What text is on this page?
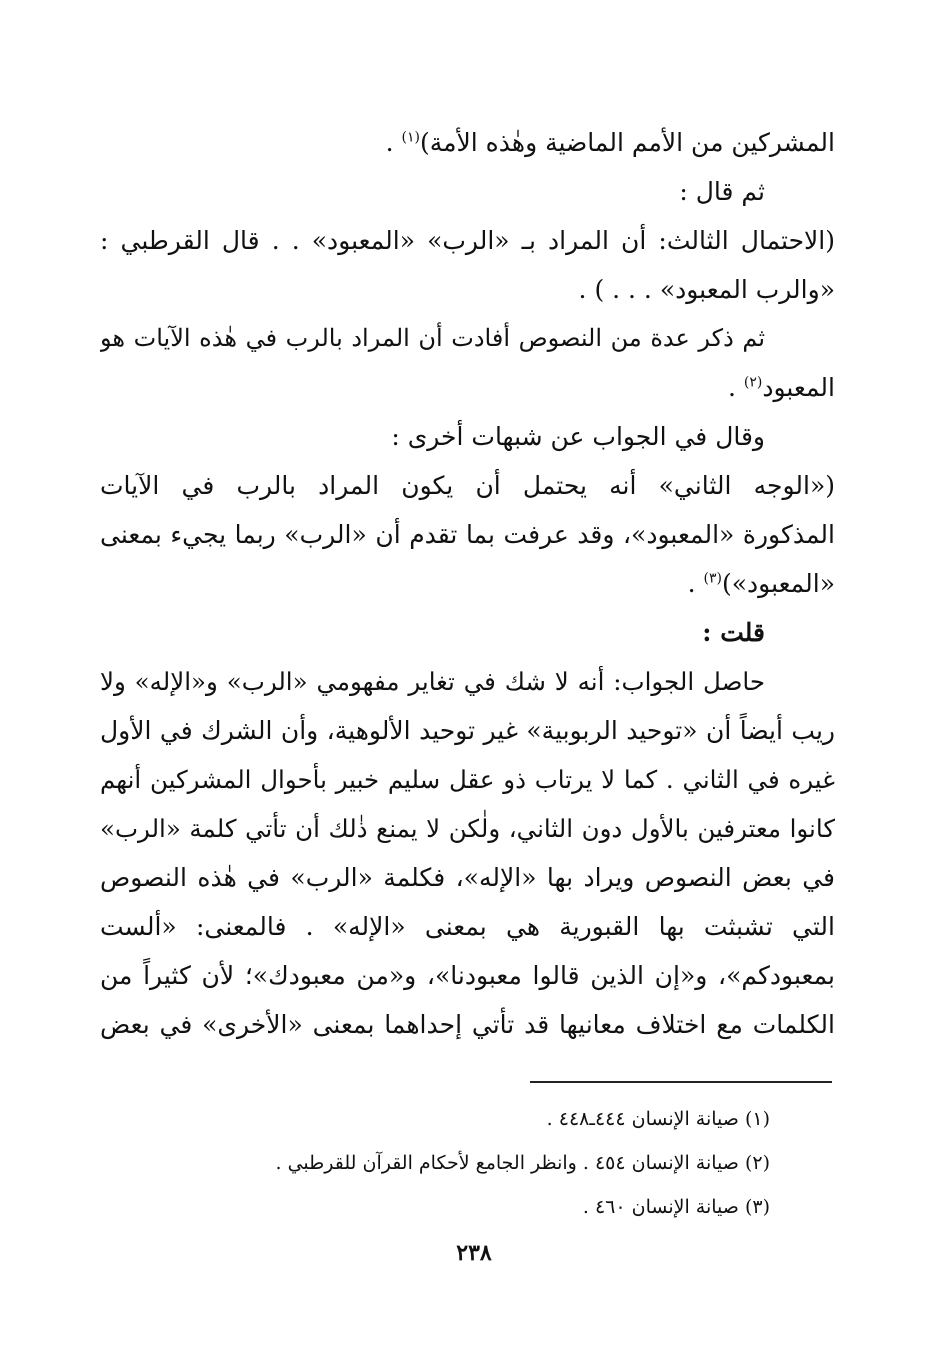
المشركين من الأمم الماضية وهٰذه الأمة)$^{(١)}$ .
ثم قال :
(الاحتمال الثالث: أن المراد بـ «الرب» «المعبود» . . قال القرطبي :
«والرب المعبود» . . . ) .
ثم ذكر عدة من النصوص أفادت أن المراد بالرب في هٰذه الآيات هو
المعبود$^{(٢)}$ .
وقال في الجواب عن شبهات أخرى :
(«الوجه الثاني» أنه يحتمل أن يكون المراد بالرب في الآيات
المذكورة «المعبود»، وقد عرفت بما تقدم أن «الرب» ربما يجيء بمعنى
«المعبود»)$^{(٣)}$ .
قلت :
حاصل الجواب: أنه لا شك في تغاير مفهومي «الرب» و«الإله» ولا
ريب أيضاً أن «توحيد الربوبية» غير توحيد الألوهية، وأن الشرك في الأول
غيره في الثاني . كما لا يرتاب ذو عقل سليم خبير بأحوال المشركين أنهم
كانوا معترفين بالأول دون الثاني، ولٰكن لا يمنع ذٰلك أن تأتي كلمة «الرب»
في بعض النصوص ويراد بها «الإله»، فكلمة «الرب» في هٰذه النصوص
التي تشبثت بها القبورية هي بمعنى «الإله» . فالمعنى: «ألست
بمعبودكم»، و«إن الذين قالوا معبودنا»، و«من معبودك»؛ لأن كثيراً من
الكلمات مع اختلاف معانيها قد تأتي إحداهما بمعنى «الأخرى» في بعض
(١) صيانة الإنسان ٤٤٤ـ٤٤٨ .
(٢) صيانة الإنسان ٤٥٤ . وانظر الجامع لأحكام القرآن للقرطبي .
(٣) صيانة الإنسان ٤٦٠ .
٢٣٨
